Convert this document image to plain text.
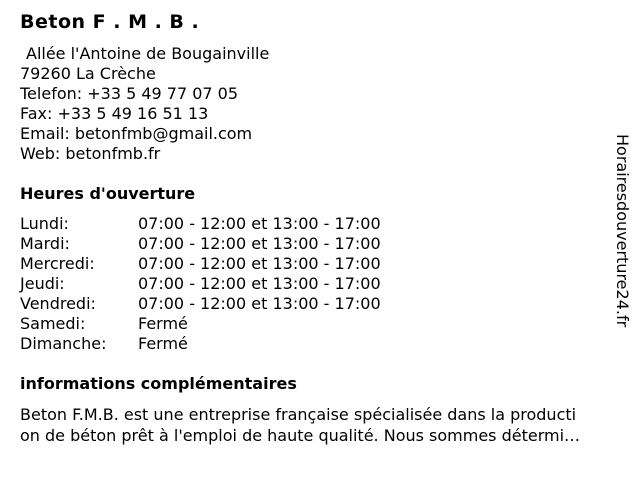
Beton F . M . B .
Allée l'Antoine de Bougainville
79260 La Crèche
Telefon: +33 5 49 77 07 05
Fax: +33 5 49 16 51 13
Email: betonfmb@gmail.com
Web: betonfmb.fr
Heures d'ouverture
Lundi:	07:00 - 12:00 et 13:00 - 17:00
Mardi:	07:00 - 12:00 et 13:00 - 17:00
Mercredi:	07:00 - 12:00 et 13:00 - 17:00
Jeudi:	07:00 - 12:00 et 13:00 - 17:00
Vendredi:	07:00 - 12:00 et 13:00 - 17:00
Samedi:	Fermé
Dimanche:	Fermé
informations complémentaires
Beton F.M.B. est une entreprise française spécialisée dans la producti
on de béton prêt à l'emploi de haute qualité. Nous sommes détermi…
Horairesdouverture24.fr
